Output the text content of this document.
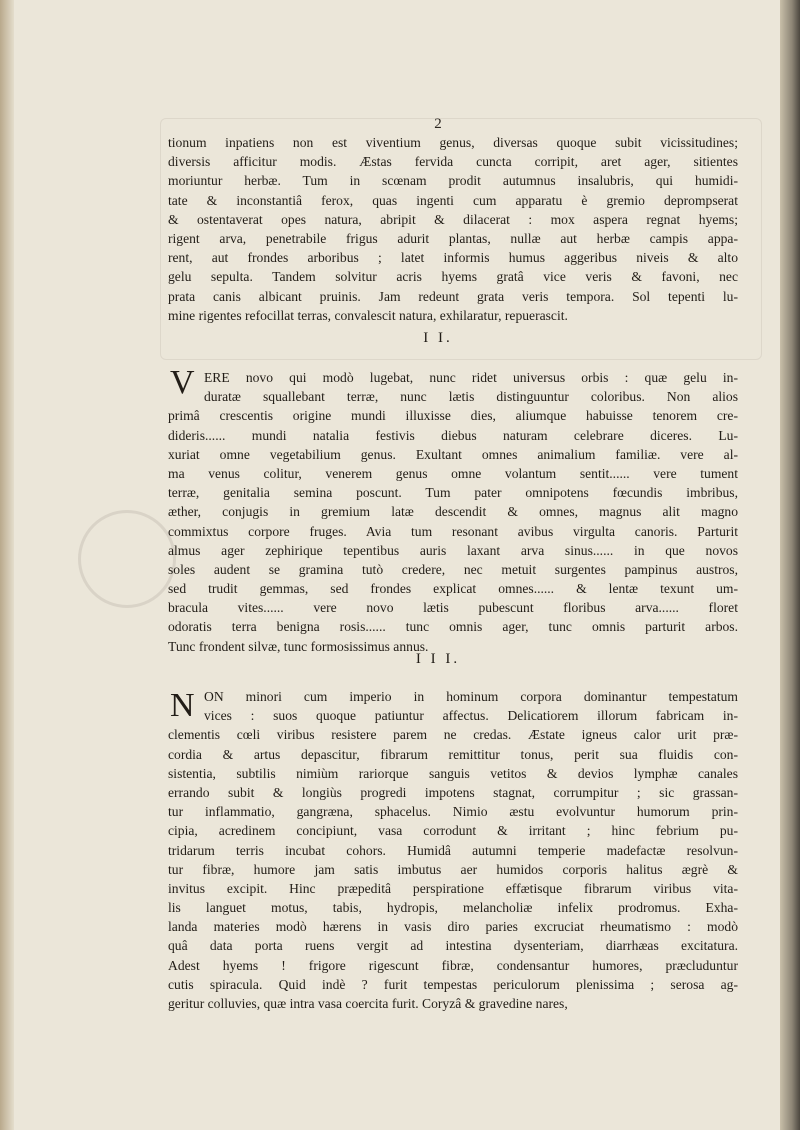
2
tionum inpatiens non est viventium genus, diversas quoque subit vicissitudines;
diversis afficitur modis. Æstas fervida cuncta corripit, aret ager, sitientes
moriuntur herbæ. Tum in scœnam prodit autumnus insalubris, qui humidi-
tate & inconstantiâ ferox, quas ingenti cum apparatu è gremio deprompserat
& ostentaverat opes natura, abripit & dilacerat : mox aspera regnat hyems;
rigent arva, penetrabile frigus adurit plantas, nullæ aut herbæ campis appa-
rent, aut frondes arboribus ; latet informis humus aggeribus niveis & alto
gelu sepulta. Tandem solvitur acris hyems gratâ vice veris & favoni, nec
prata canis albicant pruinis. Jam redeunt grata veris tempora. Sol tepenti lu-
mine rigentes refocillat terras, convalescit natura, exhilaratur, repuerascit.
I I.
V ERE novo qui modò lugebat, nunc ridet universus orbis : quæ gelu in-
duratæ squallebant terræ, nunc lætis distinguuntur coloribus. Non alios
primâ crescentis origine mundi illuxisse dies, aliumque habuisse tenorem cre-
dideris...... mundi natalia festivis diebus naturam celebrare diceres. Lu-
xuriat omne vegetabilium genus. Exultant omnes animalium familiæ. vere al-
ma venus colitur, venerem genus omne volantum sentit...... vere tument
terræ, genitalia semina poscunt. Tum pater omnipotens fœcundis imbribus,
æther, conjugis in gremium latæ descendit & omnes, magnus alit magno
commixtus corpore fruges. Avia tum resonant avibus virgulta canoris. Parturit
almus ager zephirique tepentibus auris laxant arva sinus...... in que novos
soles audent se gramina tutò credere, nec metuit surgentes pampinus austros,
sed trudit gemmas, sed frondes explicat omnes...... & lentæ texunt um-
bracula vites...... vere novo lætis pubescunt floribus arva...... floret
odoratis terra benigna rosis...... tunc omnis ager, tunc omnis parturit arbos.
Tunc frondent silvæ, tunc formosissimus annus.
I I I.
N ON minori cum imperio in hominum corpora dominantur tempestatum
vices : suos quoque patiuntur affectus. Delicatiorem illorum fabricam in-
clementis cœli viribus resistere parem ne credas. Æstate igneus calor urit præ-
cordia & artus depascitur, fibrarum remittitur tonus, perit sua fluidis con-
sistentia, subtilis nimiùm rariorque sanguis vetitos & devios lymphæ canales
errando subit & longiùs progredi impotens stagnat, corrumpitur ; sic grassan-
tur inflammatio, gangræna, sphacelus. Nimio æstu evolvuntur humorum prin-
cipia, acredinem concipiunt, vasa corrodunt & irritant ; hinc febrium pu-
tridarum terris incubat cohors. Humidâ autumni temperie madefactæ resolvun-
tur fibræ, humore jam satis imbutus aer humidos corporis halitus ægrè &
invitus excipit. Hinc præpeditâ perspiratione effætisque fibrarum viribus vita-
lis languet motus, tabis, hydropis, melancholiæ infelix prodromus. Exha-
landa materies modò hærens in vasis diro paries excruciat rheumatismo : modò
quâ data porta ruens vergit ad intestina dysenteriam, diarrhæas excitatura.
Adest hyems ! frigore rigescunt fibræ, condensantur humores, præcluduntur
cutis spiracula. Quid indè ? furit tempestas periculorum plenissima ; serosa ag-
geritur colluvies, quæ intra vasa coercita furit. Coryzâ & gravedine nares,
